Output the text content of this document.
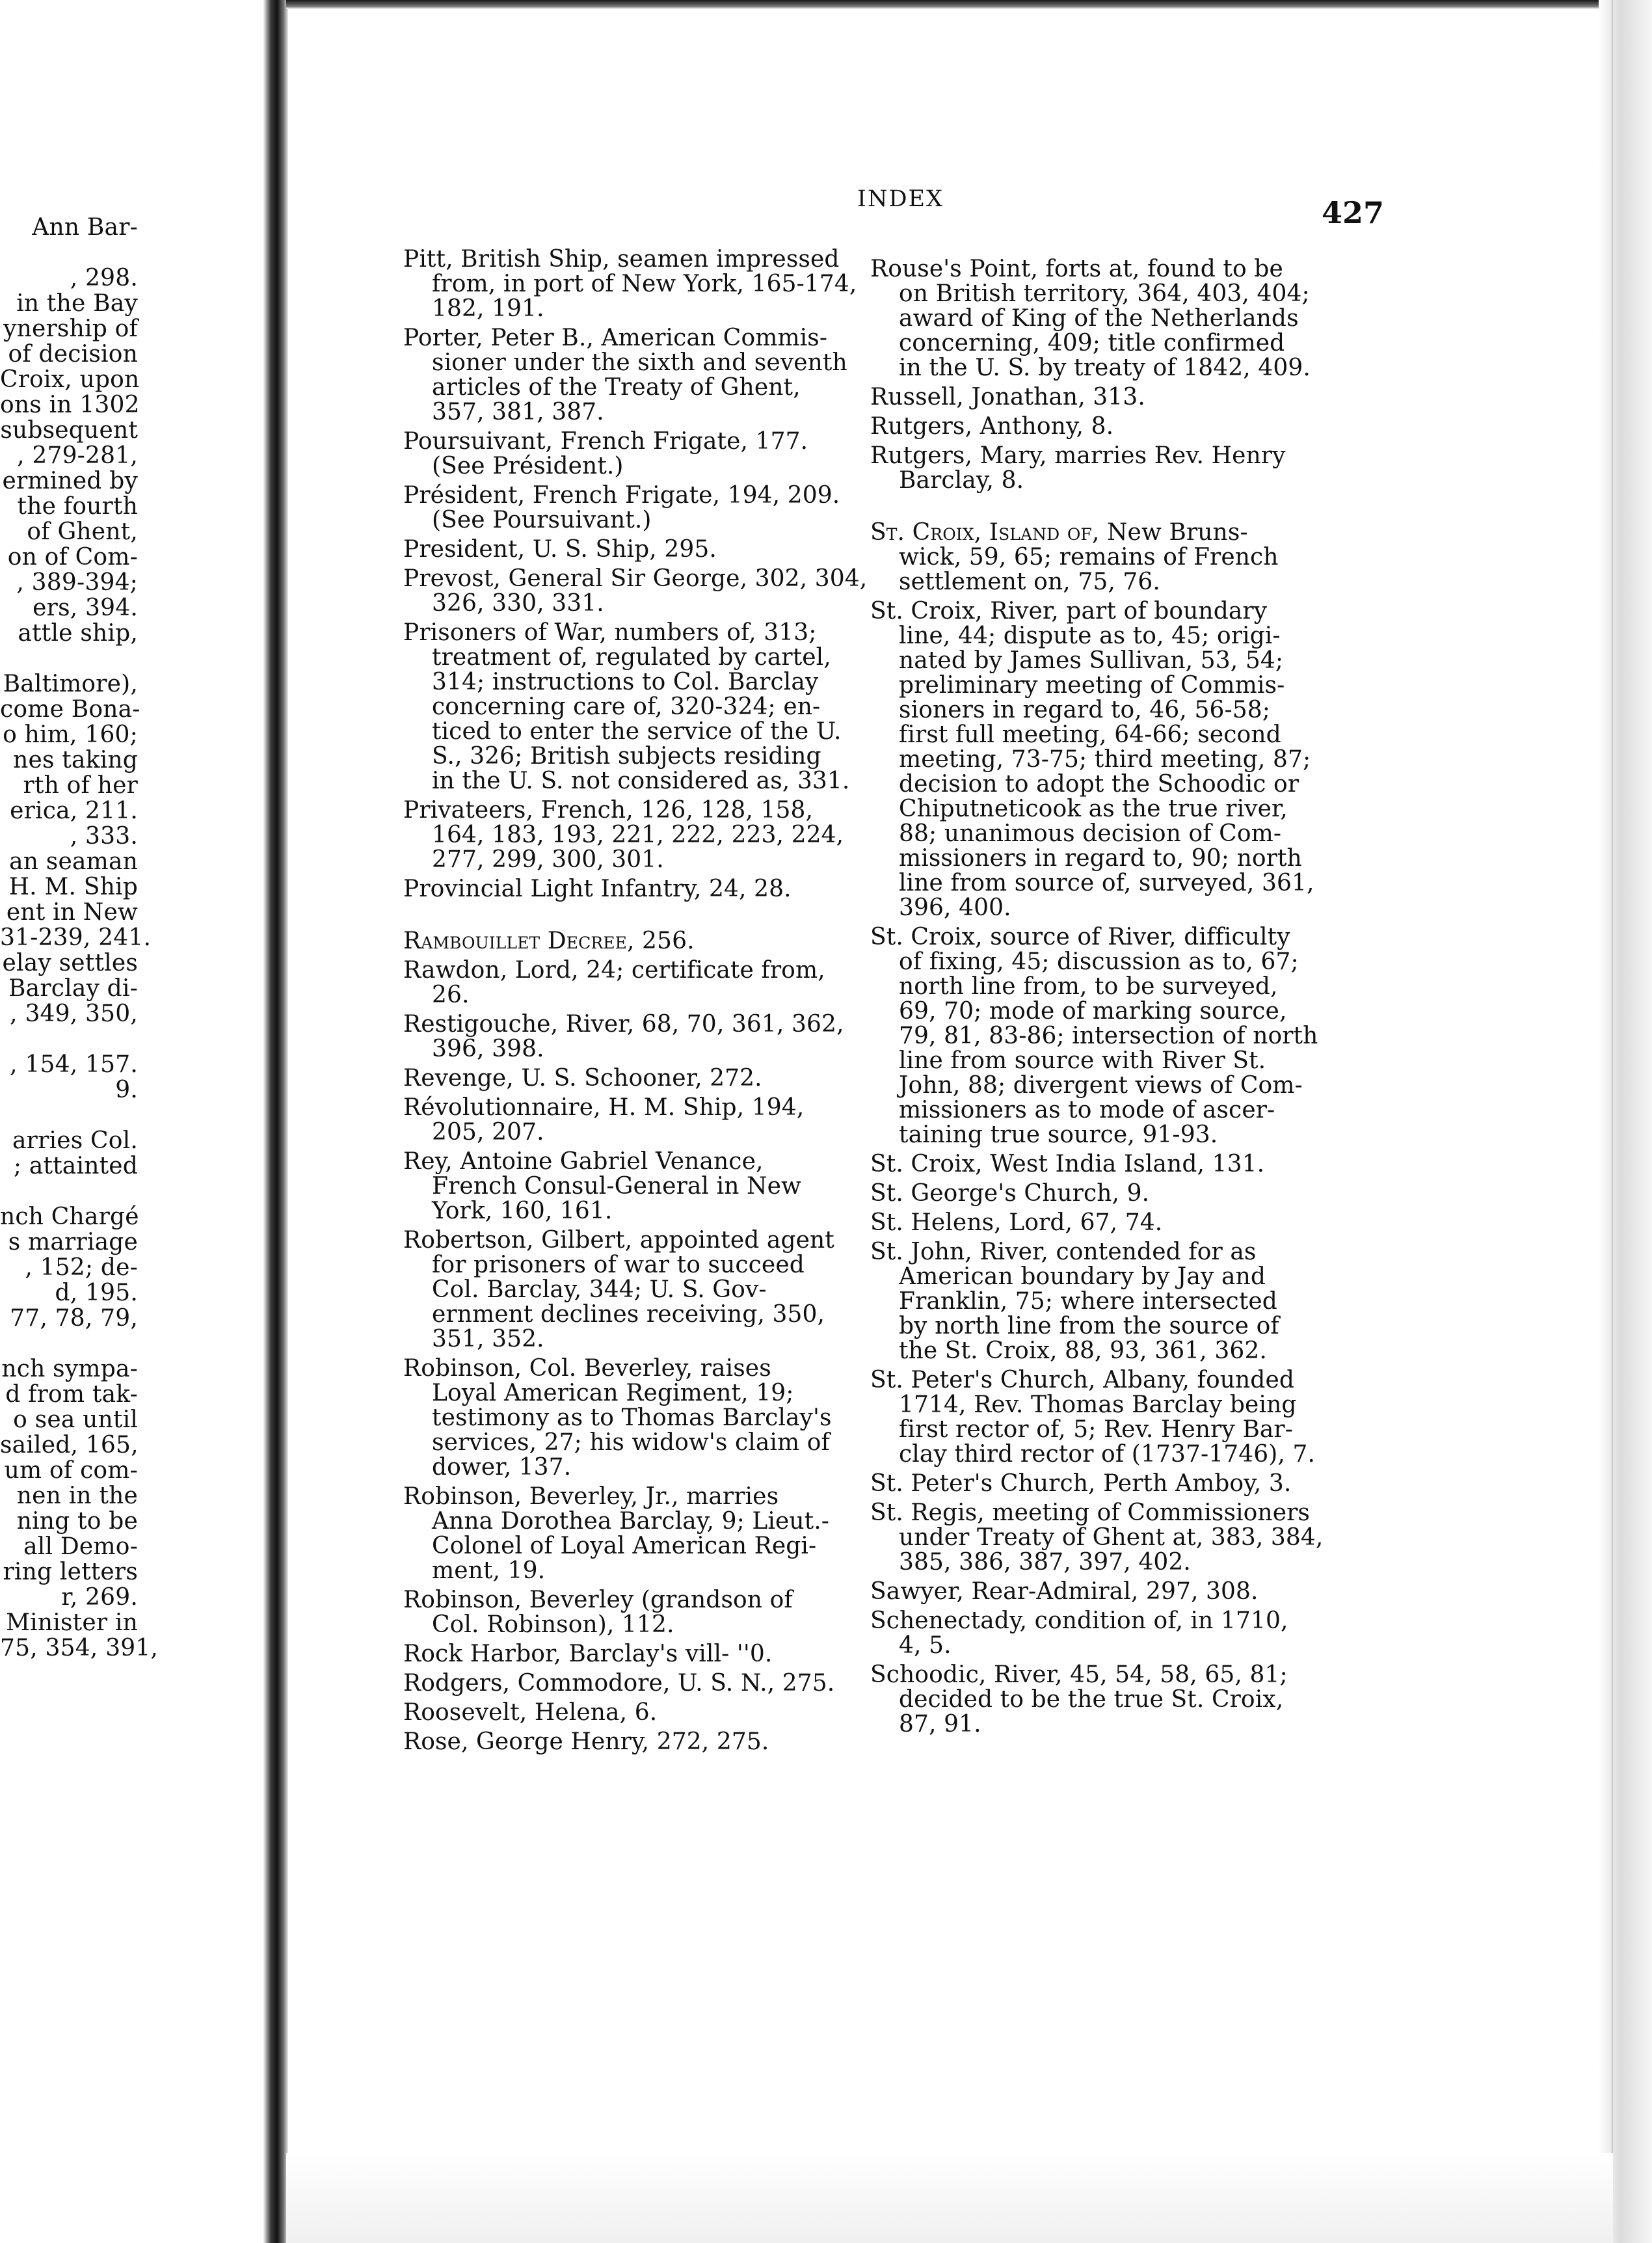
Ann Bar-
, 298.
in the Bay
ynership of
of decision
Croix, upon
ons in 1302
subsequent
, 279-281,
ermined by
the fourth
of Ghent,
on of Com-
, 389-394;
ers, 394.
attle ship,
Baltimore),
come Bona-
o him, 160;
nes taking
rth of her
erica, 211.
, 333.
an seaman
H. M. Ship
ent in New
31-239, 241.
elay settles
Barclay di-
, 349, 350,
, 154, 157.
9.
arries Col.
; attainted
nch Chargé
s marriage
, 152; de-
d, 195.
77, 78, 79,
nch sympa-
d from tak-
o sea until
sailed, 165,
um of com-
nen in the
ning to be
all Demo-
ring letters
r, 269.
Minister in
75, 354, 391,
INDEX	427
Pitt, British Ship, seamen impressed
from, in port of New York, 165-174,
182, 191.
Porter, Peter B., American Commis-
sioner under the sixth and seventh
articles of the Treaty of Ghent,
357, 381, 387.
Poursuivant, French Frigate, 177.
(See Président.)
Président, French Frigate, 194, 209.
(See Poursuivant.)
President, U. S. Ship, 295.
Prevost, General Sir George, 302, 304,
326, 330, 331.
Prisoners of War, numbers of, 313;
treatment of, regulated by cartel,
314; instructions to Col. Barclay
concerning care of, 320-324; en-
ticed to enter the service of the U.
S., 326; British subjects residing
in the U. S. not considered as, 331.
Privateers, French, 126, 128, 158,
164, 183, 193, 221, 222, 223, 224,
277, 299, 300, 301.
Provincial Light Infantry, 24, 28.
Rambouillet Decree, 256.
Rawdon, Lord, 24; certificate from,
26.
Restigouche, River, 68, 70, 361, 362,
396, 398.
Revenge, U. S. Schooner, 272.
Révolutionnaire, H. M. Ship, 194,
205, 207.
Rey, Antoine Gabriel Venance,
French Consul-General in New
York, 160, 161.
Robertson, Gilbert, appointed agent
for prisoners of war to succeed
Col. Barclay, 344; U. S. Gov-
ernment declines receiving, 350,
351, 352.
Robinson, Col. Beverley, raises
Loyal American Regiment, 19;
testimony as to Thomas Barclay's
services, 27; his widow's claim of
dower, 137.
Robinson, Beverley, Jr., marries
Anna Dorothea Barclay, 9; Lieut.-
Colonel of Loyal American Regi-
ment, 19.
Robinson, Beverley (grandson of
Col. Robinson), 112.
Rock Harbor, Barclay's vill- ''0.
Rodgers, Commodore, U. S. N., 275.
Roosevelt, Helena, 6.
Rose, George Henry, 272, 275.
Rouse's Point, forts at, found to be
on British territory, 364, 403, 404;
award of King of the Netherlands
concerning, 409; title confirmed
in the U. S. by treaty of 1842, 409.
Russell, Jonathan, 313.
Rutgers, Anthony, 8.
Rutgers, Mary, marries Rev. Henry
Barclay, 8.
St. Croix, Island of, New Bruns-
wick, 59, 65; remains of French
settlement on, 75, 76.
St. Croix, River, part of boundary
line, 44; dispute as to, 45; origi-
nated by James Sullivan, 53, 54;
preliminary meeting of Commis-
sioners in regard to, 46, 56-58;
first full meeting, 64-66; second
meeting, 73-75; third meeting, 87;
decision to adopt the Schoodic or
Chiputneticook as the true river,
88; unanimous decision of Com-
missioners in regard to, 90; north
line from source of, surveyed, 361,
396, 400.
St. Croix, source of River, difficulty
of fixing, 45; discussion as to, 67;
north line from, to be surveyed,
69, 70; mode of marking source,
79, 81, 83-86; intersection of north
line from source with River St.
John, 88; divergent views of Com-
missioners as to mode of ascer-
taining true source, 91-93.
St. Croix, West India Island, 131.
St. George's Church, 9.
St. Helens, Lord, 67, 74.
St. John, River, contended for as
American boundary by Jay and
Franklin, 75; where intersected
by north line from the source of
the St. Croix, 88, 93, 361, 362.
St. Peter's Church, Albany, founded
1714, Rev. Thomas Barclay being
first rector of, 5; Rev. Henry Bar-
clay third rector of (1737-1746), 7.
St. Peter's Church, Perth Amboy, 3.
St. Regis, meeting of Commissioners
under Treaty of Ghent at, 383, 384,
385, 386, 387, 397, 402.
Sawyer, Rear-Admiral, 297, 308.
Schenectady, condition of, in 1710,
4, 5.
Schoodic, River, 45, 54, 58, 65, 81;
decided to be the true St. Croix,
87, 91.
